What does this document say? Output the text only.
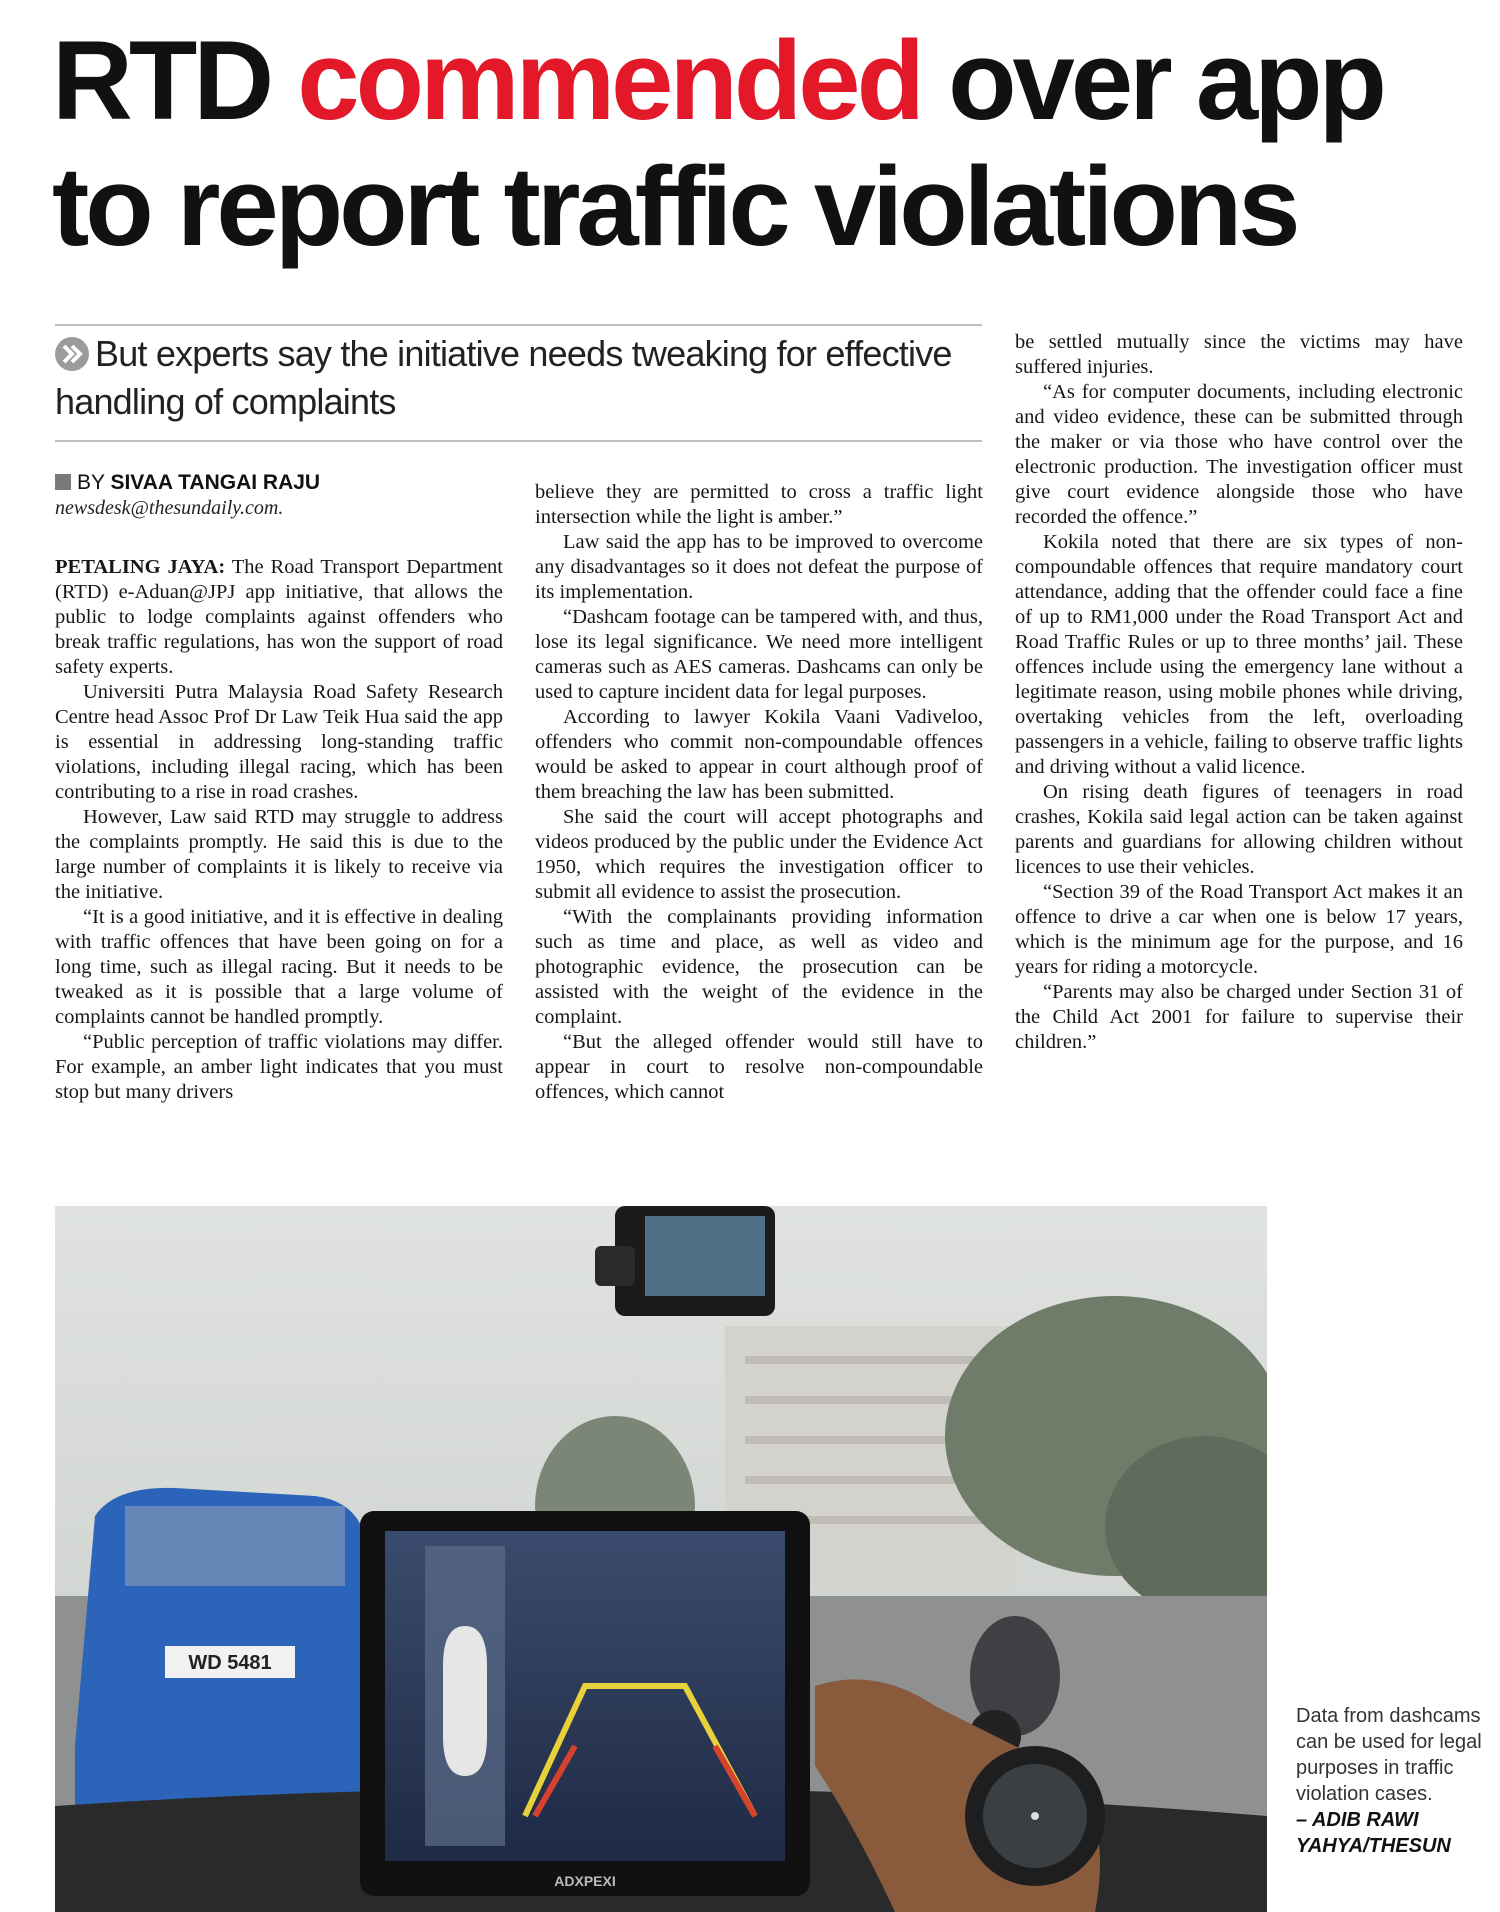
RTD commended over app to report traffic violations
But experts say the initiative needs tweaking for effective handling of complaints
BY SIVAA TANGAI RAJU
newsdesk@thesundaily.com.

PETALING JAYA: The Road Transport Department (RTD) e-Aduan@JPJ app initiative, that allows the public to lodge complaints against offenders who break traffic regulations, has won the support of road safety experts.

Universiti Putra Malaysia Road Safety Research Centre head Assoc Prof Dr Law Teik Hua said the app is essential in addressing long-standing traffic violations, including illegal racing, which has been contributing to a rise in road crashes.

However, Law said RTD may struggle to address the complaints promptly. He said this is due to the large number of complaints it is likely to receive via the initiative.

“It is a good initiative, and it is effective in dealing with traffic offences that have been going on for a long time, such as illegal racing. But it needs to be tweaked as it is possible that a large volume of complaints cannot be handled promptly.

“Public perception of traffic violations may differ. For example, an amber light indicates that you must stop but many drivers

believe they are permitted to cross a traffic light intersection while the light is amber.”

Law said the app has to be improved to overcome any disadvantages so it does not defeat the purpose of its implementation.

“Dashcam footage can be tampered with, and thus, lose its legal significance. We need more intelligent cameras such as AES cameras. Dashcams can only be used to capture incident data for legal purposes.

According to lawyer Kokila Vaani Vadiveloo, offenders who commit non-compoundable offences would be asked to appear in court although proof of them breaching the law has been submitted.

She said the court will accept photographs and videos produced by the public under the Evidence Act 1950, which requires the investigation officer to submit all evidence to assist the prosecution.

“With the complainants providing information such as time and place, as well as video and photographic evidence, the prosecution can be assisted with the weight of the evidence in the complaint.

“But the alleged offender would still have to appear in court to resolve non-compoundable offences, which cannot

be settled mutually since the victims may have suffered injuries.

“As for computer documents, including electronic and video evidence, these can be submitted through the maker or via those who have control over the electronic production. The investigation officer must give court evidence alongside those who have recorded the offence.”

Kokila noted that there are six types of non-compoundable offences that require mandatory court attendance, adding that the offender could face a fine of up to RM1,000 under the Road Transport Act and Road Traffic Rules or up to three months’ jail. These offences include using the emergency lane without a legitimate reason, using mobile phones while driving, overtaking vehicles from the left, overloading passengers in a vehicle, failing to observe traffic lights and driving without a valid licence.

On rising death figures of teenagers in road crashes, Kokila said legal action can be taken against parents and guardians for allowing children without licences to use their vehicles.

“Section 39 of the Road Transport Act makes it an offence to drive a car when one is below 17 years, which is the minimum age for the purpose, and 16 years for riding a motorcycle.

“Parents may also be charged under Section 31 of the Child Act 2001 for failure to supervise their children.”

WD 5481
ADXPEXI
Data from dashcams can be used for legal purposes in traffic violation cases.
– ADIB RAWI YAHYA/THESUN
